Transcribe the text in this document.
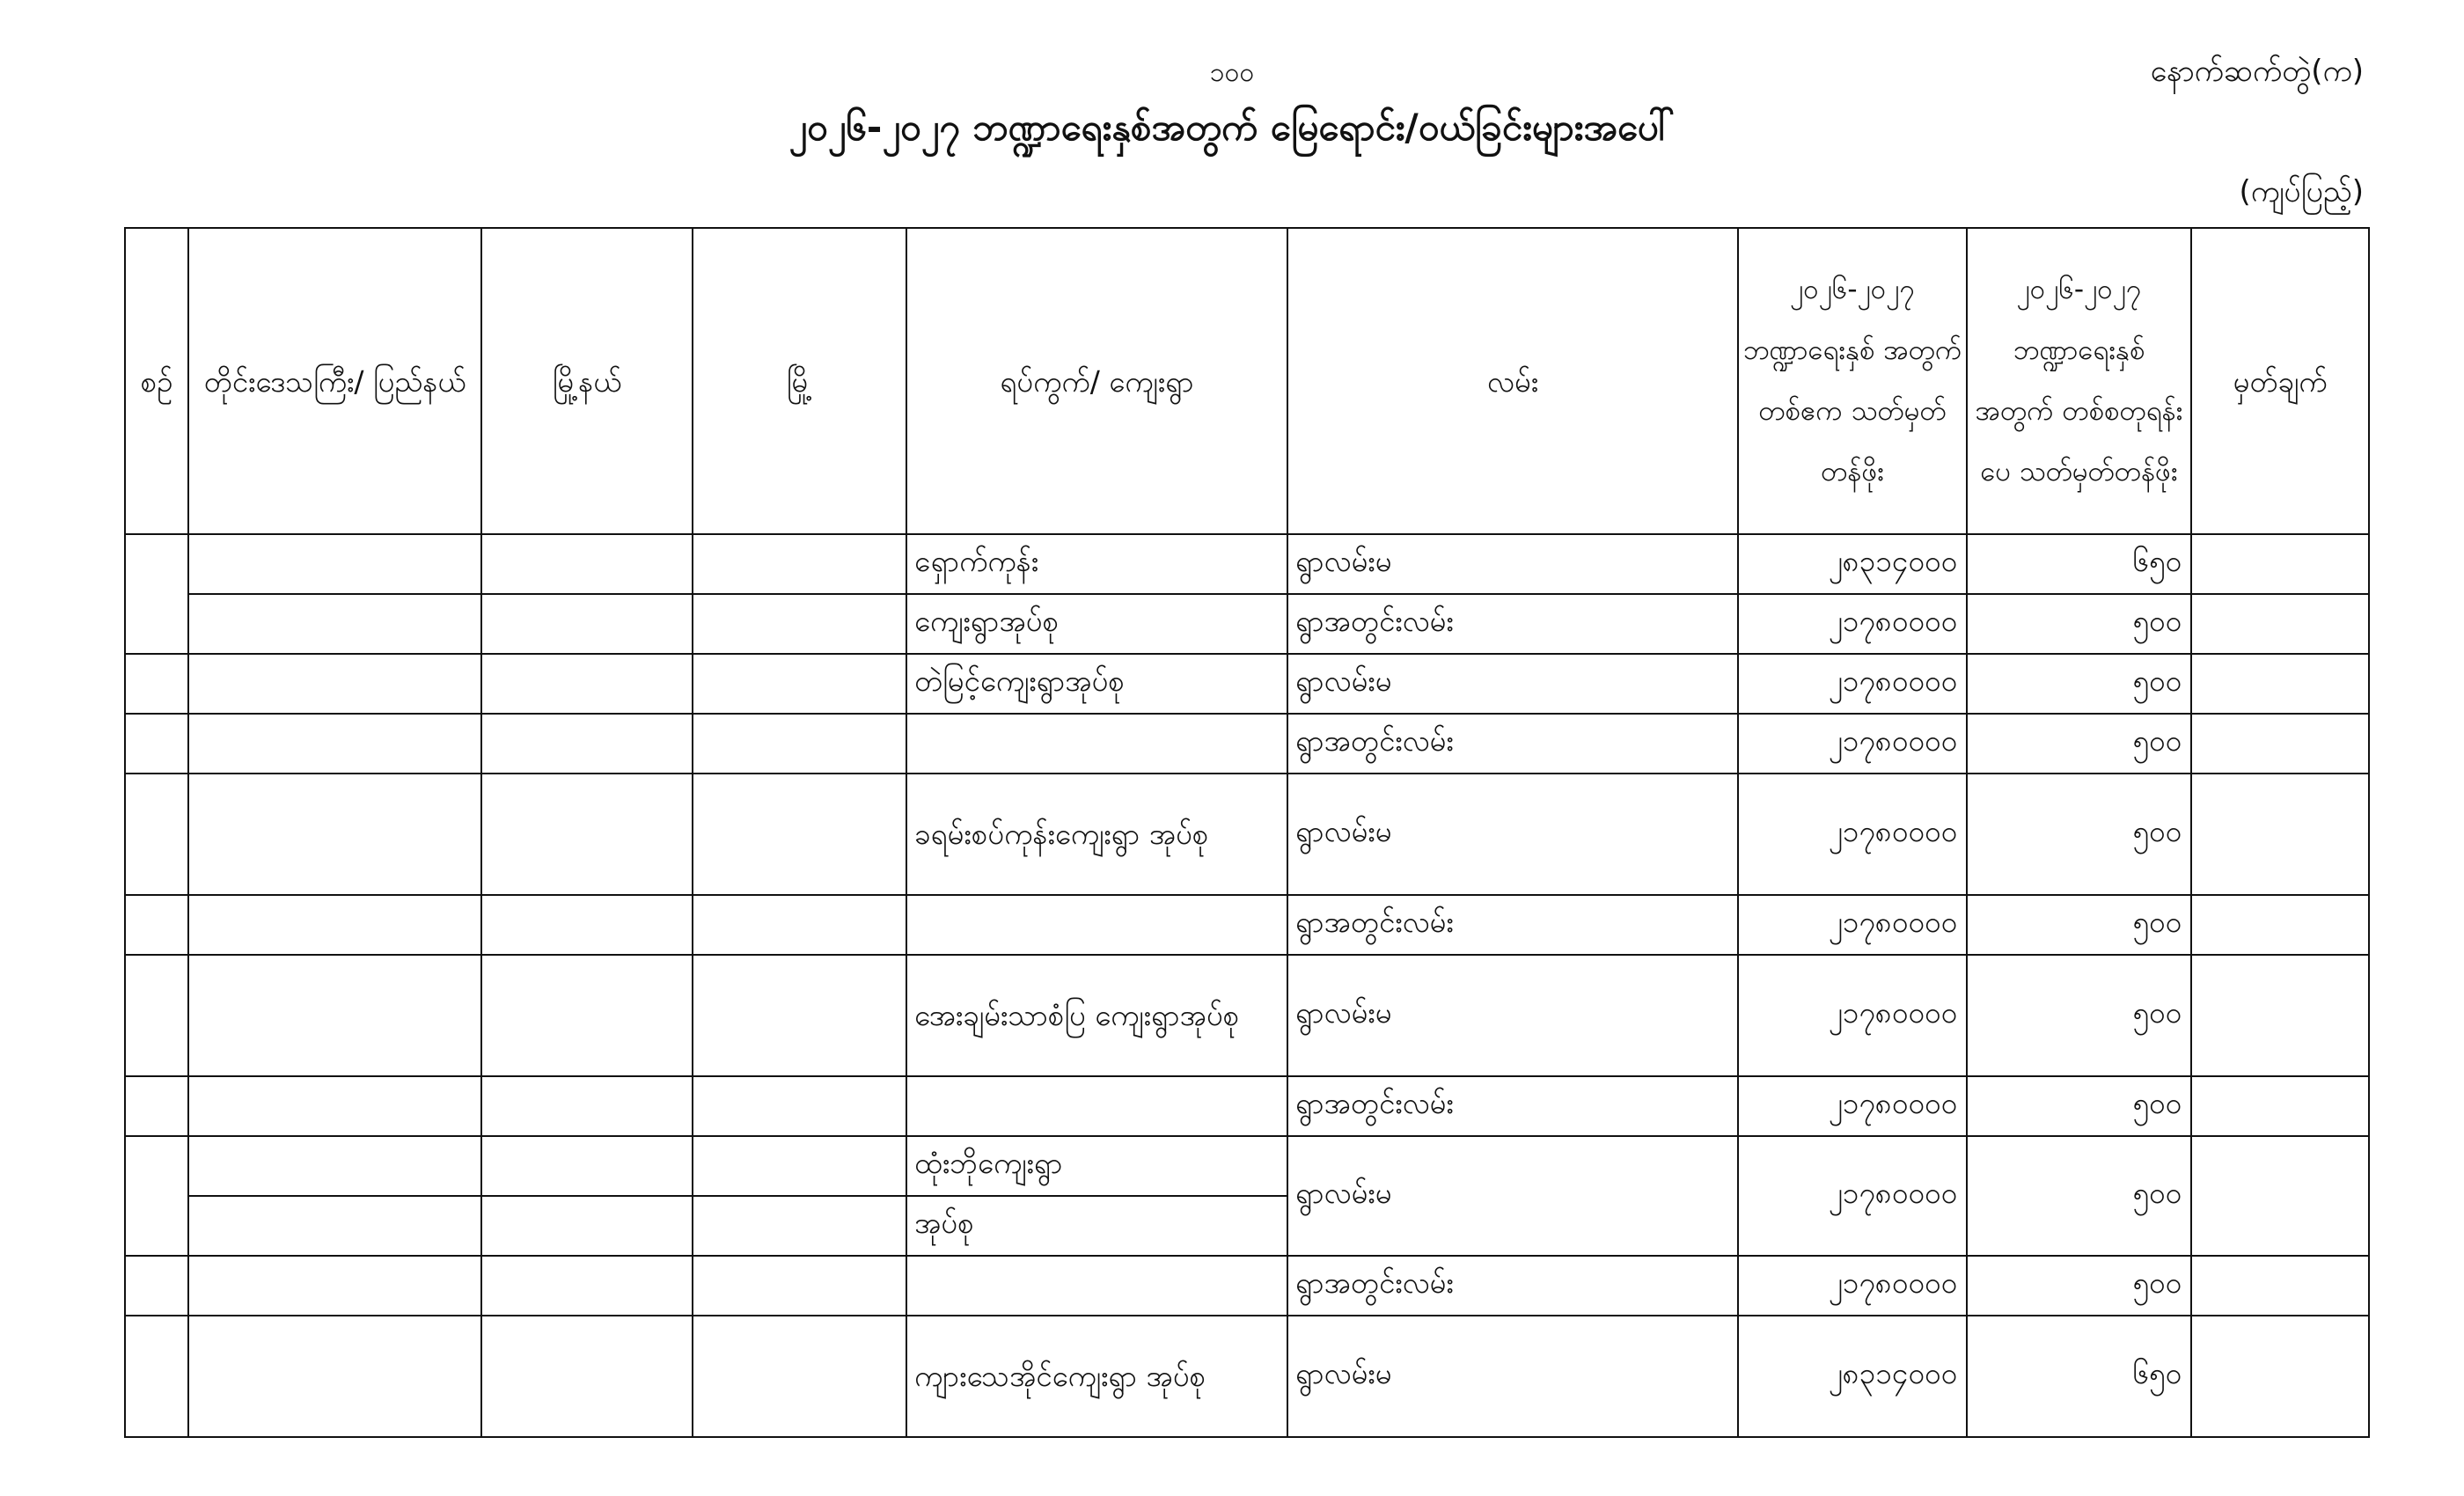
၁၀၀	နောက်ဆက်တွဲ(က)
၂၀၂၆-၂၀၂၇ ဘဏ္ဍာရေးနှစ်အတွက် မြေရောင်း/ဝယ်ခြင်းများအပေါ်
(ကျပ်ပြည့်)
စဉ်	တိုင်းဒေသကြီး/ ပြည်နယ်	မြို့နယ်	မြို့	ရပ်ကွက်/ ကျေးရွာ	လမ်း	၂၀၂၆-၂၀၂၇ ဘဏ္ဍာရေးနှစ် အတွက် တစ်ဧက သတ်မှတ်တန်ဖိုး	၂၀၂၆-၂၀၂၇ ဘဏ္ဍာရေးနှစ် အတွက် တစ်စတုရန်းပေ သတ်မှတ်တန်ဖိုး	မှတ်ချက်
				ရှောက်ကုန်း	ရွာလမ်းမ	၂၈၃၁၄၀၀၀	၆၅၀	
				ကျေးရွာအုပ်စု	ရွာအတွင်းလမ်း	၂၁၇၈၀၀၀၀	၅၀၀	
				တဲမြင့်ကျေးရွာအုပ်စု	ရွာလမ်းမ	၂၁၇၈၀၀၀၀	၅၀၀	
					ရွာအတွင်းလမ်း	၂၁၇၈၀၀၀၀	၅၀၀	
				ခရမ်းစပ်ကုန်းကျေးရွာ အုပ်စု	ရွာလမ်းမ	၂၁၇၈၀၀၀၀	၅၀၀	
					ရွာအတွင်းလမ်း	၂၁၇၈၀၀၀၀	၅၀၀	
				အေးချမ်းသာစံပြ ကျေးရွာအုပ်စု	ရွာလမ်းမ	၂၁၇၈၀၀၀၀	၅၀၀	
					ရွာအတွင်းလမ်း	၂၁၇၈၀၀၀၀	၅၀၀	
				ထုံးဘိုကျေးရွာ	ရွာလမ်းမ	၂၁၇၈၀၀၀၀	၅၀၀	
				အုပ်စု				
					ရွာအတွင်းလမ်း	၂၁၇၈၀၀၀၀	၅၀၀	
				ကျားသေအိုင်ကျေးရွာ အုပ်စု	ရွာလမ်းမ	၂၈၃၁၄၀၀၀	၆၅၀	
